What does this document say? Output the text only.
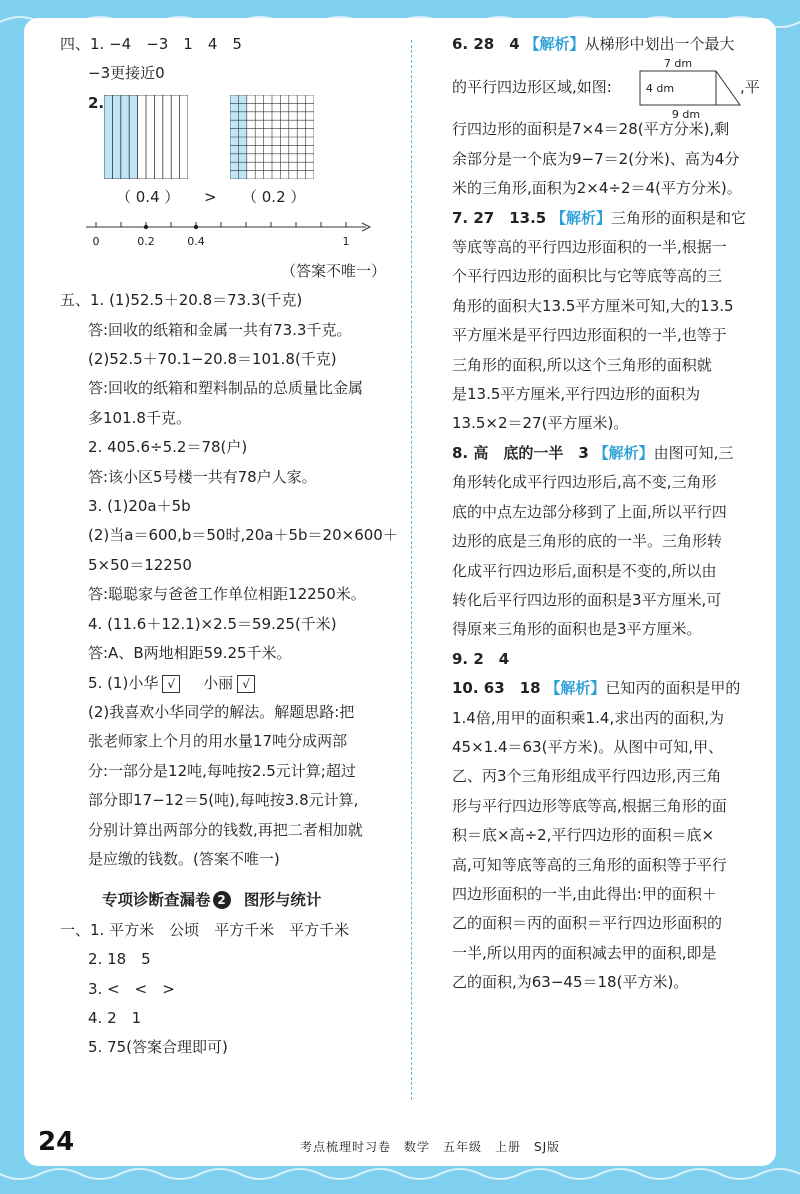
四、1. −4　−3　1　4　5
−3更接近0
2.
（ 0.4 ） > （ 0.2 ）
0	0.2	0.4	1
（答案不唯一）
五、1. (1)52.5＋20.8＝73.3(千克)
答:回收的纸箱和金属一共有73.3千克。
(2)52.5＋70.1−20.8＝101.8(千克)
答:回收的纸箱和塑料制品的总质量比金属
多101.8千克。
2. 405.6÷5.2＝78(户)
答:该小区5号楼一共有78户人家。
3. (1)20a＋5b
(2)当a＝600,b＝50时,20a＋5b＝20×600＋
5×50＝12250
答:聪聪家与爸爸工作单位相距12250米。
4. (11.6＋12.1)×2.5＝59.25(千米)
答:A、B两地相距59.25千米。
5. (1)小华 √ 小丽 √
(2)我喜欢小华同学的解法。解题思路:把
张老师家上个月的用水量17吨分成两部
分:一部分是12吨,每吨按2.5元计算;超过
部分即17−12＝5(吨),每吨按3.8元计算,
分别计算出两部分的钱数,再把二者相加就
是应缴的钱数。(答案不唯一)
专项诊断查漏卷 2 图形与统计
一、1. 平方米　公顷　平方千米　平方千米
2. 18　5
3. <　<　>
4. 2　1
5. 75(答案合理即可)
6. 28　4 【解析】从梯形中划出一个最大
的平行四边形区域,如图:
7 dm
4 dm
9 dm
,平
行四边形的面积是7×4＝28(平方分米),剩
余部分是一个底为9−7＝2(分米)、高为4分
米的三角形,面积为2×4÷2＝4(平方分米)。
7. 27　13.5 【解析】三角形的面积是和它
等底等高的平行四边形面积的一半,根据一
个平行四边形的面积比与它等底等高的三
角形的面积大13.5平方厘米可知,大的13.5
平方厘米是平行四边形面积的一半,也等于
三角形的面积,所以这个三角形的面积就
是13.5平方厘米,平行四边形的面积为
13.5×2＝27(平方厘米)。
8. 高　底的一半　3 【解析】由图可知,三
角形转化成平行四边形后,高不变,三角形
底的中点左边部分移到了上面,所以平行四
边形的底是三角形的底的一半。三角形转
化成平行四边形后,面积是不变的,所以由
转化后平行四边形的面积是3平方厘米,可
得原来三角形的面积也是3平方厘米。
9. 2　4
10. 63　18 【解析】已知丙的面积是甲的
1.4倍,用甲的面积乘1.4,求出丙的面积,为
45×1.4＝63(平方米)。从图中可知,甲、
乙、丙3个三角形组成平行四边形,丙三角
形与平行四边形等底等高,根据三角形的面
积＝底×高÷2,平行四边形的面积＝底×
高,可知等底等高的三角形的面积等于平行
四边形面积的一半,由此得出:甲的面积＋
乙的面积＝丙的面积＝平行四边形面积的
一半,所以用丙的面积减去甲的面积,即是
乙的面积,为63−45＝18(平方米)。
24	考点梳理时习卷　数学　五年级　上册　SJ版
